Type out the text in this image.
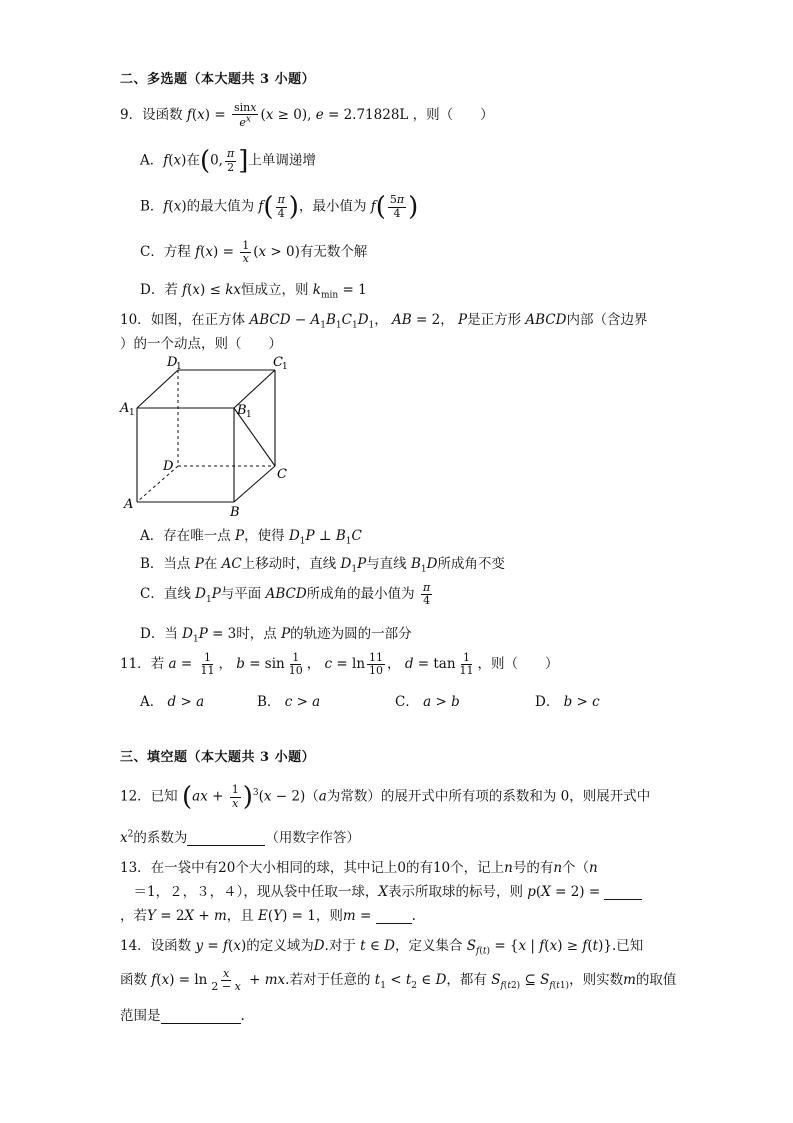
二、多选题（本大题共 3 小题）
9．设函数 $f(x) = \frac{\sin x}{e^x} (x \ge 0)$, e = 2.71828L ，则（　　）
A．f(x)在(0, $\frac{\pi}{2}$ ]上单调递增
B．f(x)的最大值为 $f( \frac{\pi}{4}$ )，最小值为 $f( \frac{5\pi}{4}$ )
C．方程 $f(x) = \frac{1}{x} (x > 0)$有无数个解
D．若 f(x) ≤ kx恒成立，则 $k_{min} = 1$
10．如图，在正方体 ABCD − $A_1B_1C_1D_1$， AB = 2， P是正方形 ABCD内部（含边界
）的一个动点，则（　　）
D
1	C 1
A 1	B 1
D
C
A
B
A．存在唯一点 P，使得 $D_1P$ ⊥ $B_1C$
B．当点 P在 AC上移动时，直线 $D_1P$与直线 $B_1D$所成角不变
C．直线 $D_1P$与平面 ABCD所成角的最小值为 $\frac{\pi}{4}$
D．当 $D_1P = 3$时，点 P的轨迹为圆的一部分
11．若 $a = \frac{1}{11}$ ， $b = \sin \frac{1}{10}$ ， $c = \ln \frac{11}{10}$ ， $d = \tan \frac{1}{11}$ ，则（　　）
A． d > a	B． c > a	C． a > b	D． b > c
三、填空题（本大题共 3 小题）
12．已知 $(ax + \frac{1}{x} )^3(x - 2)(a$为常数）的展开式中所有项的系数和为 0，则展开式中
$x^2$的系数为	（用数字作答）
13．在一袋中有20个大小相同的球，其中记上0的有10个，记上n号的有n个（n
　＝1，２，３，４），现从袋中任取一球，X表示所取球的标号，则 p(X = 2) =
，若Y = 2X + m，且 E(Y) = 1，则m =	.
14．设函数 y = f(x)的定义域为D.对于 t ∈ D，定义集合 $S_{f(t)} = \{x$ | f(x) ≥ f(t)}.已知
函数 $f(x) = \ln \frac{x}{2 - x}$ + mx.若对于任意的 $t_1 < t_2$ ∈ D，都有 $S_{f(t2)}$ ⊆ $S_{f(t1)}$，则实数m的取值
范围是	.
